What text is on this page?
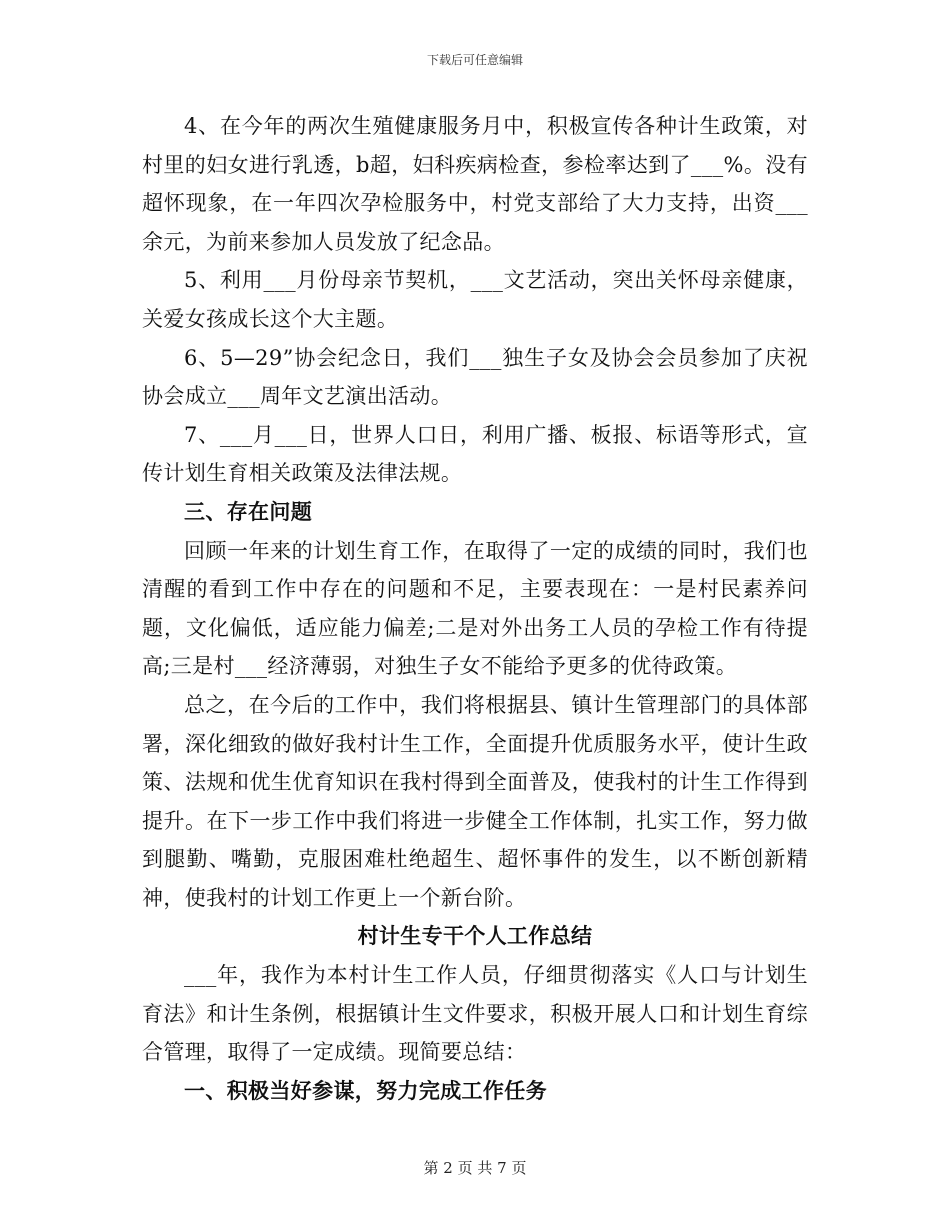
下载后可任意编辑

4、在今年的两次生殖健康服务月中，积极宣传各种计生政策，对村里的妇女进行乳透，b超，妇科疾病检查，参检率达到了___%。没有超怀现象，在一年四次孕检服务中，村党支部给了大力支持，出资___余元，为前来参加人员发放了纪念品。

5、利用___月份母亲节契机，___文艺活动，突出关怀母亲健康，关爱女孩成长这个大主题。

6、5—29”协会纪念日，我们___独生子女及协会会员参加了庆祝协会成立___周年文艺演出活动。

7、___月___日，世界人口日，利用广播、板报、标语等形式，宣传计划生育相关政策及法律法规。

三、存在问题

回顾一年来的计划生育工作，在取得了一定的成绩的同时，我们也清醒的看到工作中存在的问题和不足，主要表现在：一是村民素养问题，文化偏低，适应能力偏差;二是对外出务工人员的孕检工作有待提高;三是村___经济薄弱，对独生子女不能给予更多的优待政策。

总之，在今后的工作中，我们将根据县、镇计生管理部门的具体部署，深化细致的做好我村计生工作，全面提升优质服务水平，使计生政策、法规和优生优育知识在我村得到全面普及，使我村的计生工作得到提升。在下一步工作中我们将进一步健全工作体制，扎实工作，努力做到腿勤、嘴勤，克服困难杜绝超生、超怀事件的发生，以不断创新精神，使我村的计划工作更上一个新台阶。

村计生专干个人工作总结

___年，我作为本村计生工作人员，仔细贯彻落实《人口与计划生育法》和计生条例，根据镇计生文件要求，积极开展人口和计划生育综合管理，取得了一定成绩。现简要总结：

一、积极当好参谋，努力完成工作任务

第 2 页 共 7 页
